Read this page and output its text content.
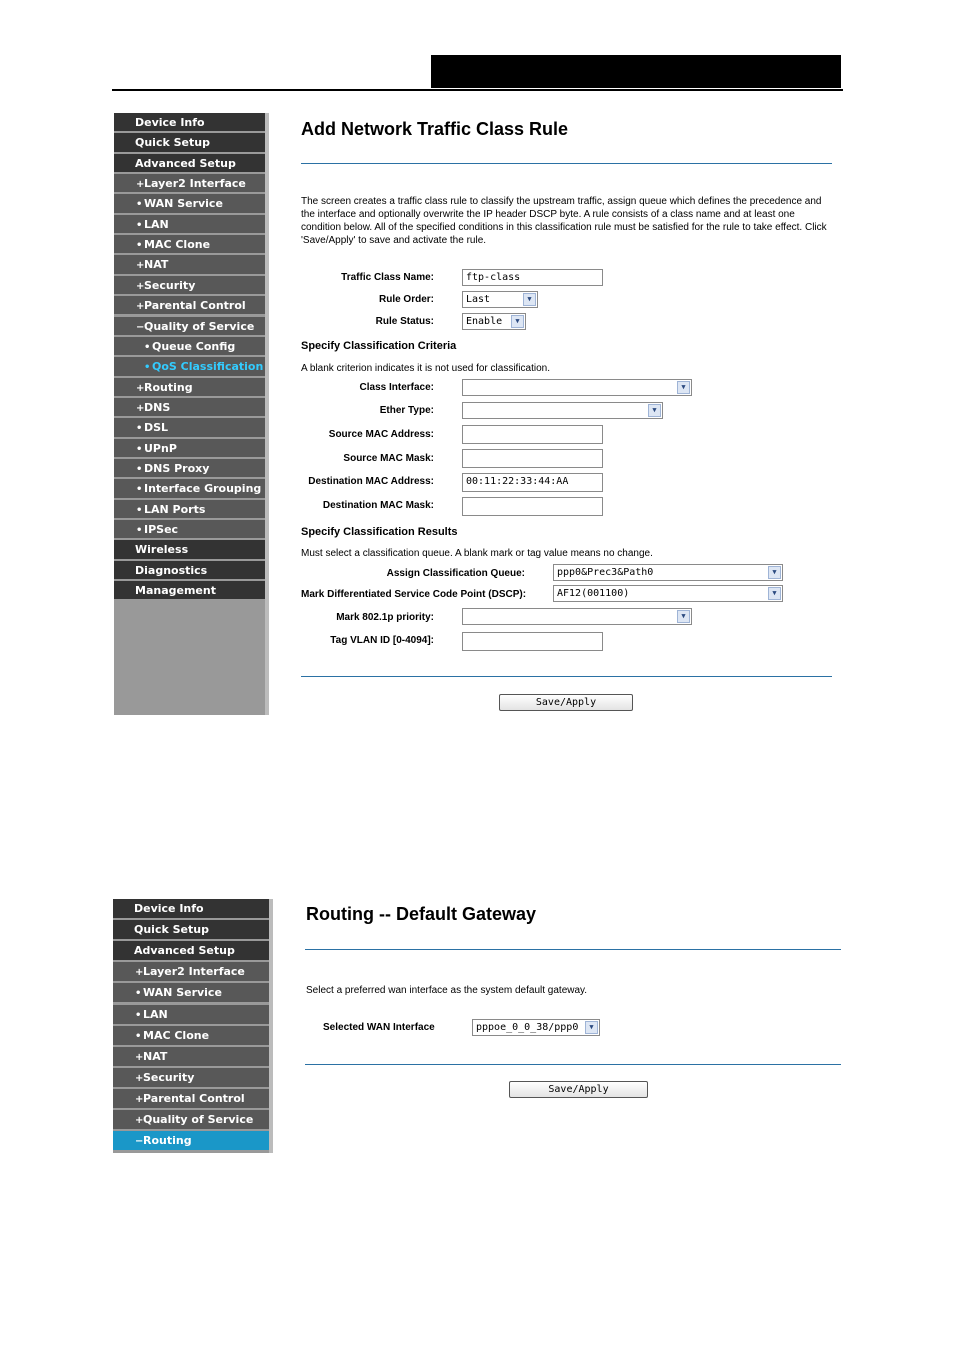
Device Info
Quick Setup
Advanced Setup
+Layer2 Interface
• WAN Service
• LAN
• MAC Clone
+NAT
+Security
+Parental Control
−Quality of Service
• Queue Config
• QoS Classification
+Routing
+DNS
• DSL
• UPnP
• DNS Proxy
• Interface Grouping
• LAN Ports
• IPSec
Wireless
Diagnostics
Management
Add Network Traffic Class Rule
The screen creates a traffic class rule to classify the upstream traffic, assign queue which defines the precedence and the interface and optionally overwrite the IP header DSCP byte. A rule consists of a class name and at least one condition below. All of the specified conditions in this classification rule must be satisfied for the rule to take effect. Click 'Save/Apply' to save and activate the rule.
Traffic Class Name:	ftp-class
Rule Order:	Last	▼
Rule Status:	Enable	▼
Specify Classification Criteria
A blank criterion indicates it is not used for classification.
Class Interface:	▼
Ether Type:	▼
Source MAC Address:
Source MAC Mask:
Destination MAC Address:	00:11:22:33:44:AA
Destination MAC Mask:
Specify Classification Results
Must select a classification queue. A blank mark or tag value means no change.
Assign Classification Queue:	ppp0&Prec3&Path0	▼
Mark Differentiated Service Code Point (DSCP):	AF12(001100)	▼
Mark 802.1p priority:	▼
Tag VLAN ID [0-4094]:
Save/Apply
Device Info
Quick Setup
Advanced Setup
+Layer2 Interface
• WAN Service
• LAN
• MAC Clone
+NAT
+Security
+Parental Control
+Quality of Service
−Routing
Routing -- Default Gateway
Select a preferred wan interface as the system default gateway.
Selected WAN Interface	pppoe_0_0_38/ppp0	▼
Save/Apply
